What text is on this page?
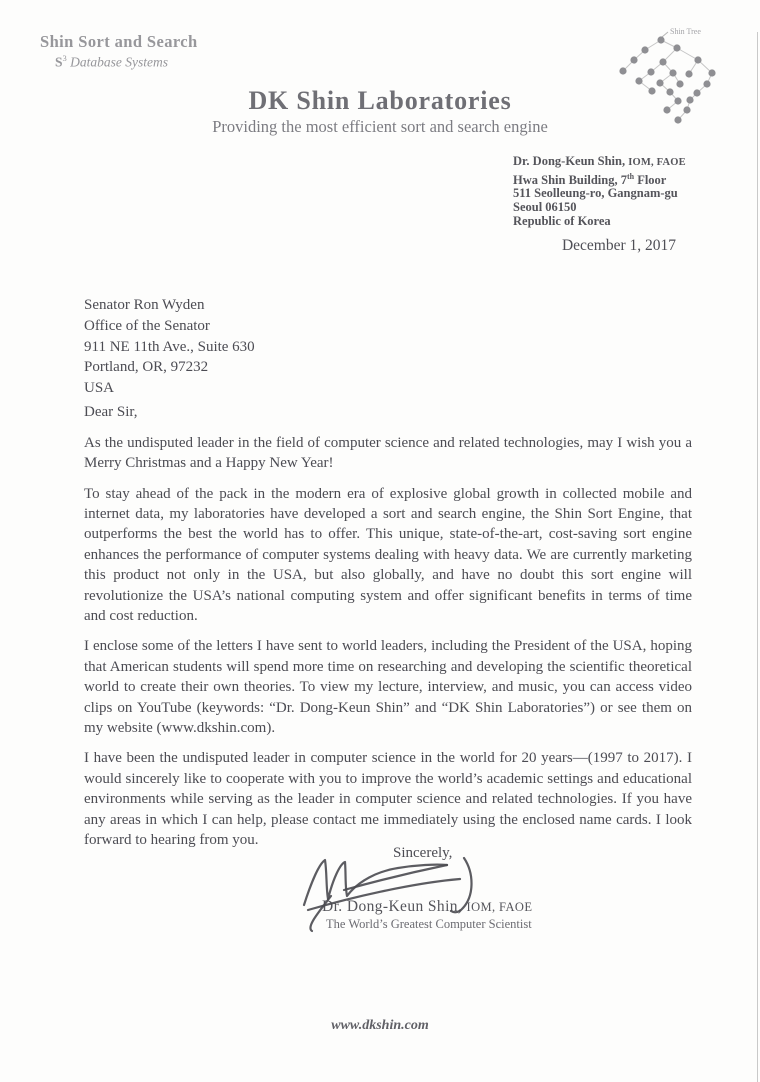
Shin Sort and Search
$S^3$ Database Systems
Shin Tree
DK Shin Laboratories
Providing the most efficient sort and search engine
Dr. Dong-Keun Shin, IOM, FAOE
Hwa Shin Building, 7th Floor
511 Seolleung-ro, Gangnam-gu
Seoul 06150
Republic of Korea
December 1, 2017
Senator Ron Wyden
Office of the Senator
911 NE 11th Ave., Suite 630
Portland, OR, 97232
USA
Dear Sir,

As the undisputed leader in the field of computer science and related technologies, may I wish you a Merry Christmas and a Happy New Year!

To stay ahead of the pack in the modern era of explosive global growth in collected mobile and internet data, my laboratories have developed a sort and search engine, the Shin Sort Engine, that outperforms the best the world has to offer. This unique, state-of-the-art, cost-saving sort engine enhances the performance of computer systems dealing with heavy data. We are currently marketing this product not only in the USA, but also globally, and have no doubt this sort engine will revolutionize the USA’s national computing system and offer significant benefits in terms of time and cost reduction.

I enclose some of the letters I have sent to world leaders, including the President of the USA, hoping that American students will spend more time on researching and developing the scientific theoretical world to create their own theories. To view my lecture, interview, and music, you can access video clips on YouTube (keywords: “Dr. Dong-Keun Shin” and “DK Shin Laboratories”) or see them on my website (www.dkshin.com).

I have been the undisputed leader in computer science in the world for 20 years—(1997 to 2017). I would sincerely like to cooperate with you to improve the world’s academic settings and educational environments while serving as the leader in computer science and related technologies. If you have any areas in which I can help, please contact me immediately using the enclosed name cards. I look forward to hearing from you.

Sincerely,
Dr. Dong-Keun Shin, IOM, FAOE
The World’s Greatest Computer Scientist
www.dkshin.com
